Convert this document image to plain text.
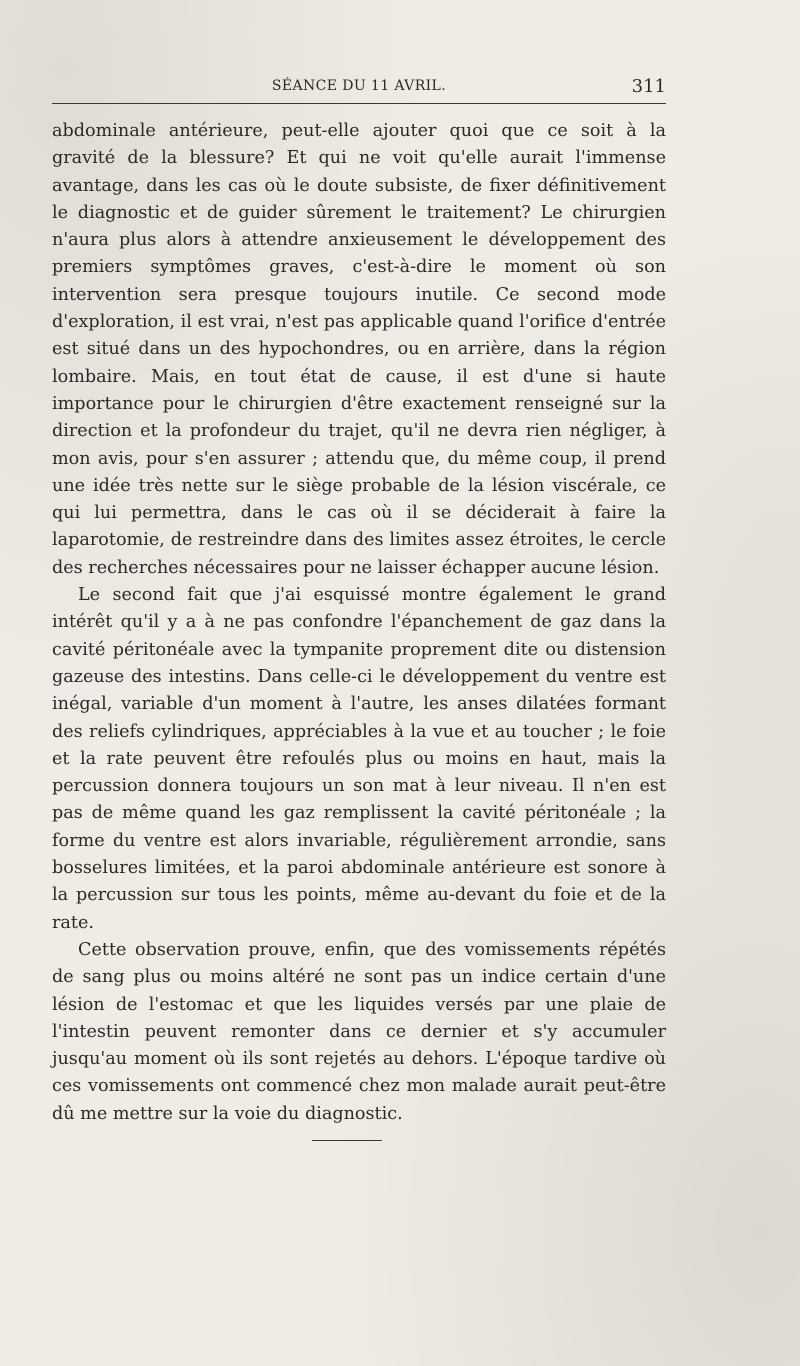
SÉANCE DU 11 AVRIL.	311

abdominale antérieure, peut-elle ajouter quoi que ce soit à la gravité de la blessure? Et qui ne voit qu'elle aurait l'immense avantage, dans les cas où le doute subsiste, de fixer définitivement le diagnostic et de guider sûrement le traitement? Le chirurgien n'aura plus alors à attendre anxieusement le développement des premiers symptômes graves, c'est-à-dire le moment où son intervention sera presque toujours inutile. Ce second mode d'exploration, il est vrai, n'est pas applicable quand l'orifice d'entrée est situé dans un des hypochondres, ou en arrière, dans la région lombaire. Mais, en tout état de cause, il est d'une si haute importance pour le chirurgien d'être exactement renseigné sur la direction et la profondeur du trajet, qu'il ne devra rien négliger, à mon avis, pour s'en assurer ; attendu que, du même coup, il prend une idée très nette sur le siège probable de la lésion viscérale, ce qui lui permettra, dans le cas où il se déciderait à faire la laparotomie, de restreindre dans des limites assez étroites, le cercle des recherches nécessaires pour ne laisser échapper aucune lésion.

Le second fait que j'ai esquissé montre également le grand intérêt qu'il y a à ne pas confondre l'épanchement de gaz dans la cavité péritonéale avec la tympanite proprement dite ou distension gazeuse des intestins. Dans celle-ci le développement du ventre est inégal, variable d'un moment à l'autre, les anses dilatées formant des reliefs cylindriques, appréciables à la vue et au toucher ; le foie et la rate peuvent être refoulés plus ou moins en haut, mais la percussion donnera toujours un son mat à leur niveau. Il n'en est pas de même quand les gaz remplissent la cavité péritonéale ; la forme du ventre est alors invariable, régulièrement arrondie, sans bosselures limitées, et la paroi abdominale antérieure est sonore à la percussion sur tous les points, même au-devant du foie et de la rate.

Cette observation prouve, enfin, que des vomissements répétés de sang plus ou moins altéré ne sont pas un indice certain d'une lésion de l'estomac et que les liquides versés par une plaie de l'intestin peuvent remonter dans ce dernier et s'y accumuler jusqu'au moment où ils sont rejetés au dehors. L'époque tardive où ces vomissements ont commencé chez mon malade aurait peut-être dû me mettre sur la voie du diagnostic.
